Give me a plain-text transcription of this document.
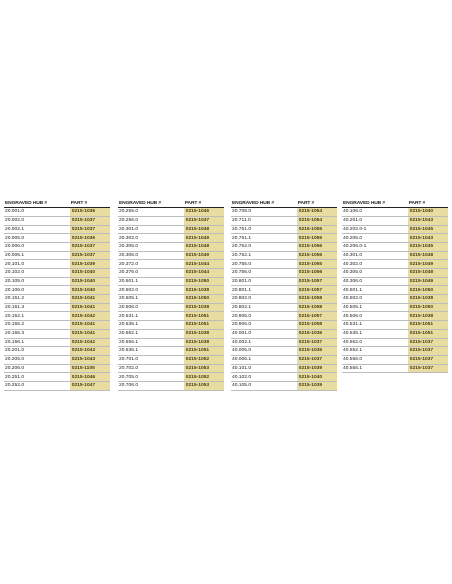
ENGRAVED HUB #	PART #
20.001.0	0215-1036
20.002.0	0215-1037
20.002.1	0215-1037
20.005.0	0215-1036
20.006.0	0215-1037
20.006.1	0215-1037
20.101.0	0215-1039
20.102.0	0215-1040
20.105.0	0215-1040
20.106.0	0215-1040
20.151.2	0215-1041
20.151.3	0215-1041
20.152.1	0215-1042
20.155.2	0215-1041
20.155.3	0215-1041
20.156.1	0215-1042
20.201.0	0215-1043
20.205.0	0215-1043
20.206.0	0215-1105
20.251.0	0215-1046
20.252.0	0215-1047
ENGRAVED HUB #	PART #
20.255.0	0215-1046
20.256.0	0215-1047
20.301.0	0215-1048
20.302.0	0215-1049
20.305.0	0215-1048
20.306.0	0215-1049
20.372.0	0215-1044
20.376.0	0215-1044
20.501.1	0215-1050
20.502.0	0215-1038
20.505.1	0215-1050
20.506.0	0215-1038
20.531.1	0215-1051
20.535.1	0215-1051
20.552.1	0215-1038
20.556.1	0215-1038
20.535.1	0215-1051
20.701.0	0215-1052
20.702.0	0215-1053
20.705.0	0215-1052
20.706.0	0215-1053
ENGRAVED HUB #	PART #
20.708.0	0215-1054
20.711.0	0215-1054
20.751.0	0215-1055
20.751.1	0215-1055
20.752.0	0215-1056
20.752.1	0215-1056
20.755.0	0215-1055
20.756.0	0215-1056
20.801.0	0215-1057
20.801.1	0215-1057
20.802.0	0215-1058
20.802.1	0215-1058
20.805.0	0215-1057
20.806.0	0215-1058
40.001.0	0215-1036
40.002.1	0215-1037
40.005.0	0215-1036
40.006.1	0215-1037
40.101.0	0215-1039
40.102.0	0215-1040
40.105.0	0215-1039
ENGRAVED HUB #	PART #
40.106.0	0215-1040
40.201.0	0215-1043
40.202.0-1	0215-1045
40.205.0	0215-1043
40.206.0-1	0215-1045
40.301.0	0215-1048
40.302.0	0215-1049
40.305.0	0215-1048
40.306.0	0215-1049
40.501.1	0215-1050
40.502.0	0215-1038
40.505.1	0215-1050
40.506.0	0215-1038
40.531.1	0215-1051
40.535.1	0215-1051
40.552.0	0215-1037
40.552.1	0215-1037
40.556.0	0215-1037
40.556.1	0215-1037
